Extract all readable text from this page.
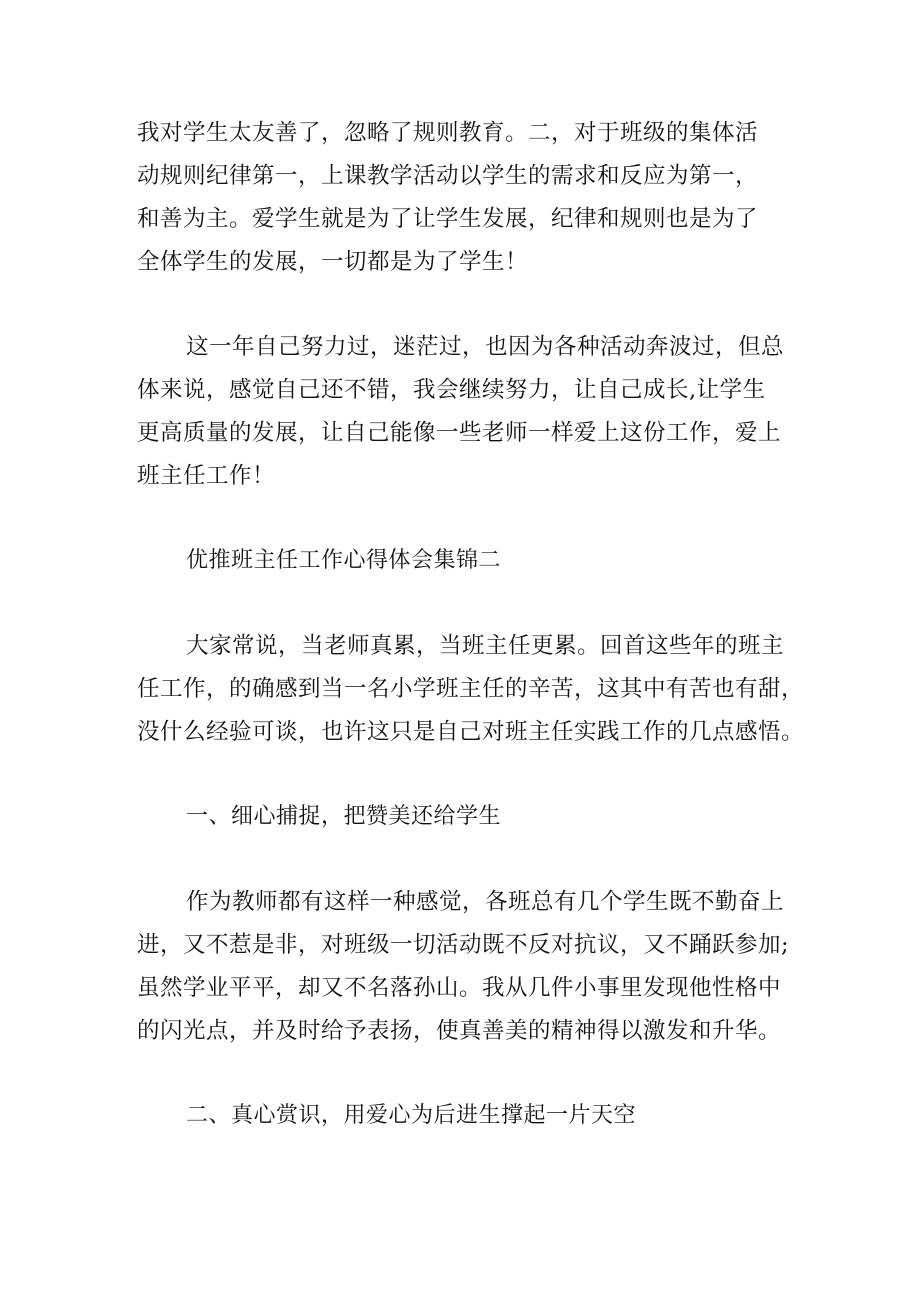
我对学生太友善了，忽略了规则教育。二，对于班级的集体活

动规则纪律第一，上课教学活动以学生的需求和反应为第一，

和善为主。爱学生就是为了让学生发展，纪律和规则也是为了

全体学生的发展，一切都是为了学生！

这一年自己努力过，迷茫过，也因为各种活动奔波过，但总

体来说，感觉自己还不错，我会继续努力，让自己成长,让学生

更高质量的发展，让自己能像一些老师一样爱上这份工作，爱上

班主任工作！

优推班主任工作心得体会集锦二

大家常说，当老师真累，当班主任更累。回首这些年的班主

任工作，的确感到当一名小学班主任的辛苦，这其中有苦也有甜，

没什么经验可谈，也许这只是自己对班主任实践工作的几点感悟。

一、细心捕捉，把赞美还给学生

作为教师都有这样一种感觉，各班总有几个学生既不勤奋上

进，又不惹是非，对班级一切活动既不反对抗议，又不踊跃参加;

虽然学业平平，却又不名落孙山。我从几件小事里发现他性格中

的闪光点，并及时给予表扬，使真善美的精神得以激发和升华。

二、真心赏识，用爱心为后进生撑起一片天空
